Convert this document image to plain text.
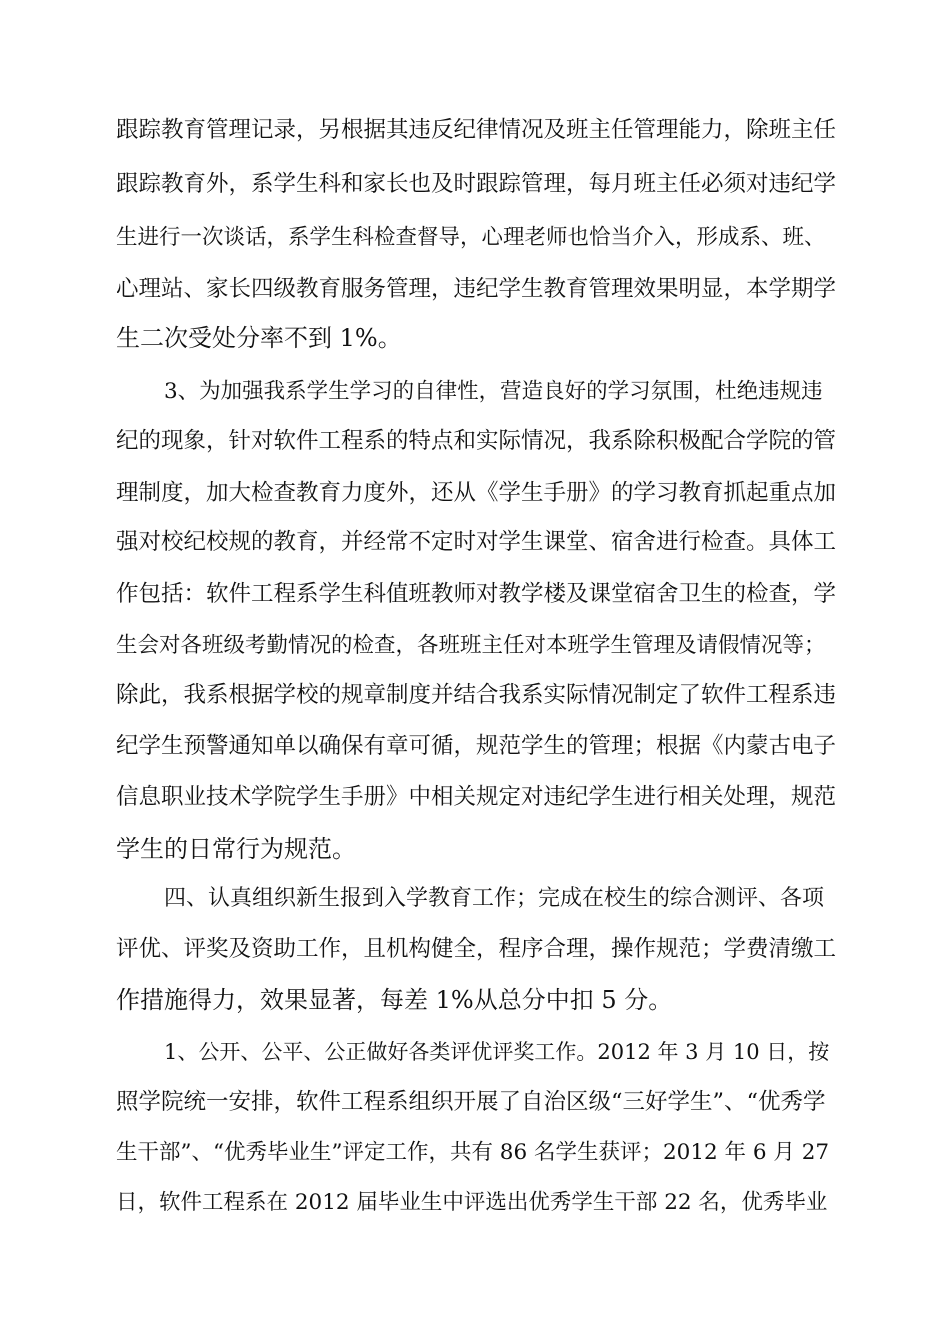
跟踪教育管理记录，另根据其违反纪律情况及班主任管理能力，除班主任
跟踪教育外，系学生科和家长也及时跟踪管理，每月班主任必须对违纪学
生进行一次谈话，系学生科检查督导，心理老师也恰当介入，形成系、班、
心理站、家长四级教育服务管理，违纪学生教育管理效果明显，本学期学
生二次受处分率不到 1%。
3、为加强我系学生学习的自律性，营造良好的学习氛围，杜绝违规违
纪的现象，针对软件工程系的特点和实际情况，我系除积极配合学院的管
理制度，加大检查教育力度外，还从《学生手册》的学习教育抓起重点加
强对校纪校规的教育，并经常不定时对学生课堂、宿舍进行检查。具体工
作包括：软件工程系学生科值班教师对教学楼及课堂宿舍卫生的检查，学
生会对各班级考勤情况的检查，各班班主任对本班学生管理及请假情况等；
除此，我系根据学校的规章制度并结合我系实际情况制定了软件工程系违
纪学生预警通知单以确保有章可循，规范学生的管理；根据《内蒙古电子
信息职业技术学院学生手册》中相关规定对违纪学生进行相关处理，规范
学生的日常行为规范。
四、认真组织新生报到入学教育工作；完成在校生的综合测评、各项
评优、评奖及资助工作，且机构健全，程序合理，操作规范；学费清缴工
作措施得力，效果显著，每差 1%从总分中扣 5 分。
1、公开、公平、公正做好各类评优评奖工作。2012 年 3 月 10 日，按
照学院统一安排，软件工程系组织开展了自治区级“三好学生”、“优秀学
生干部”、“优秀毕业生”评定工作，共有 86 名学生获评；2012 年 6 月 27
日，软件工程系在 2012 届毕业生中评选出优秀学生干部 22 名，优秀毕业
